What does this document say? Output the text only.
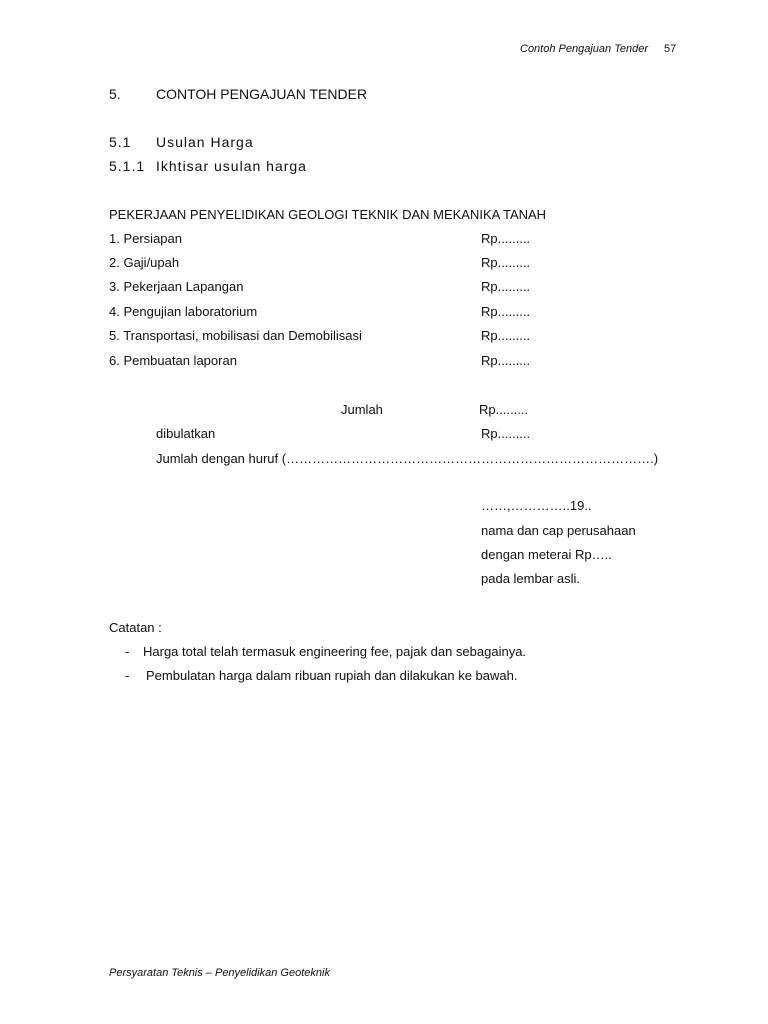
Contoh Pengajuan Tender 57
5.	CONTOH PENGAJUAN TENDER
5.1 Usulan Harga
5.1.1 Ikhtisar usulan harga
PEKERJAAN PENYELIDIKAN GEOLOGI TEKNIK DAN MEKANIKA TANAH
1. Persiapan	Rp.........
2. Gaji/upah	Rp.........
3. Pekerjaan Lapangan	Rp.........
4. Pengujian laboratorium	Rp.........
5. Transportasi, mobilisasi dan Demobilisasi	Rp.........
6. Pembuatan laporan	Rp.........
Jumlah	Rp.........
dibulatkan	Rp.........
Jumlah dengan huruf (………………………………………………………………………….)
……,…………..19..
nama dan cap perusahaan
dengan meterai Rp…..
pada lembar asli.
Catatan :
- Harga total telah termasuk engineering fee, pajak dan sebagainya.
- Pembulatan harga dalam ribuan rupiah dan dilakukan ke bawah.
Persyaratan Teknis – Penyelidikan Geoteknik
